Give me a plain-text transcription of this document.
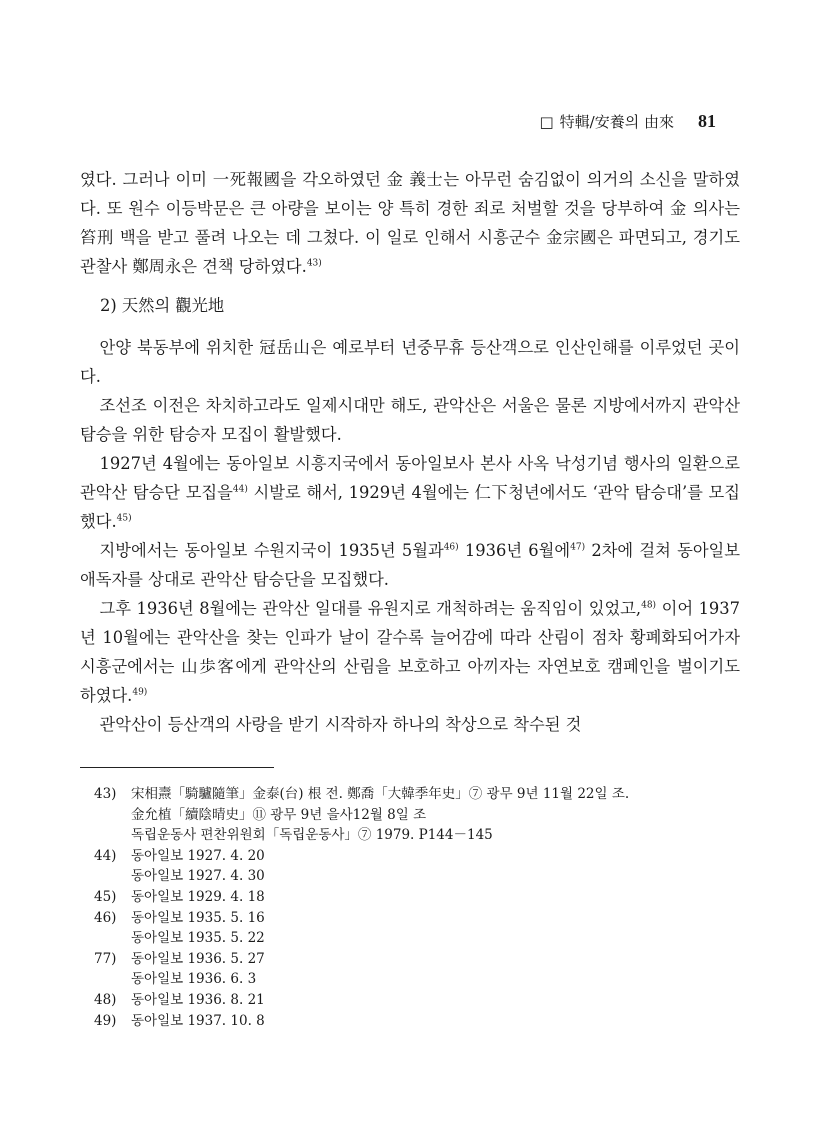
□ 特輯/安養의 由來 81

였다. 그러나 이미 一死報國을 각오하였던 金 義士는 아무런 숨김없이 의거의 소신을 말하였다. 또 원수 이등박문은 큰 아량을 보이는 양 특히 경한 죄로 처벌할 것을 당부하여 金 의사는 笞刑 백을 받고 풀려 나오는 데 그쳤다. 이 일로 인해서 시흥군수 金宗國은 파면되고, 경기도 관찰사 鄭周永은 견책 당하였다.$^{43)}$

2) 天然의 觀光地

안양 북동부에 위치한 冠岳山은 예로부터 년중무휴 등산객으로 인산인해를 이루었던 곳이다.

조선조 이전은 차치하고라도 일제시대만 해도, 관악산은 서울은 물론 지방에서까지 관악산 탐승을 위한 탐승자 모집이 활발했다.

1927년 4월에는 동아일보 시흥지국에서 동아일보사 본사 사옥 낙성기념 행사의 일환으로 관악산 탐승단 모집을$^{44)}$ 시발로 해서, 1929년 4월에는 仁下청년에서도 ‘관악 탐승대’를 모집했다.$^{45)}$

지방에서는 동아일보 수원지국이 1935년 5월과$^{46)}$ 1936년 6월에$^{47)}$ 2차에 걸쳐 동아일보 애독자를 상대로 관악산 탐승단을 모집했다.

그후 1936년 8월에는 관악산 일대를 유원지로 개척하려는 움직임이 있었고,$^{48)}$ 이어 1937년 10월에는 관악산을 찾는 인파가 날이 갈수록 늘어감에 따라 산림이 점차 황폐화되어가자 시흥군에서는 山歩客에게 관악산의 산림을 보호하고 아끼자는 자연보호 캠페인을 벌이기도 하였다.$^{49)}$

관악산이 등산객의 사랑을 받기 시작하자 하나의 착상으로 착수된 것

43)	宋相燾「騎驢隨筆」金泰(台) 根 전. 鄭喬「大韓季年史」⑦ 광무 9년 11월 22일 조.
金允植「續陰晴史」⑪ 광무 9년 을사12월 8일 조
독립운동사 편찬위원회「독립운동사」⑦ 1979. P144－145
44)	동아일보 1927. 4. 20
동아일보 1927. 4. 30
45)	동아일보 1929. 4. 18
46)	동아일보 1935. 5. 16
동아일보 1935. 5. 22
77)	동아일보 1936. 5. 27
동아일보 1936. 6. 3
48)	동아일보 1936. 8. 21
49)	동아일보 1937. 10. 8
